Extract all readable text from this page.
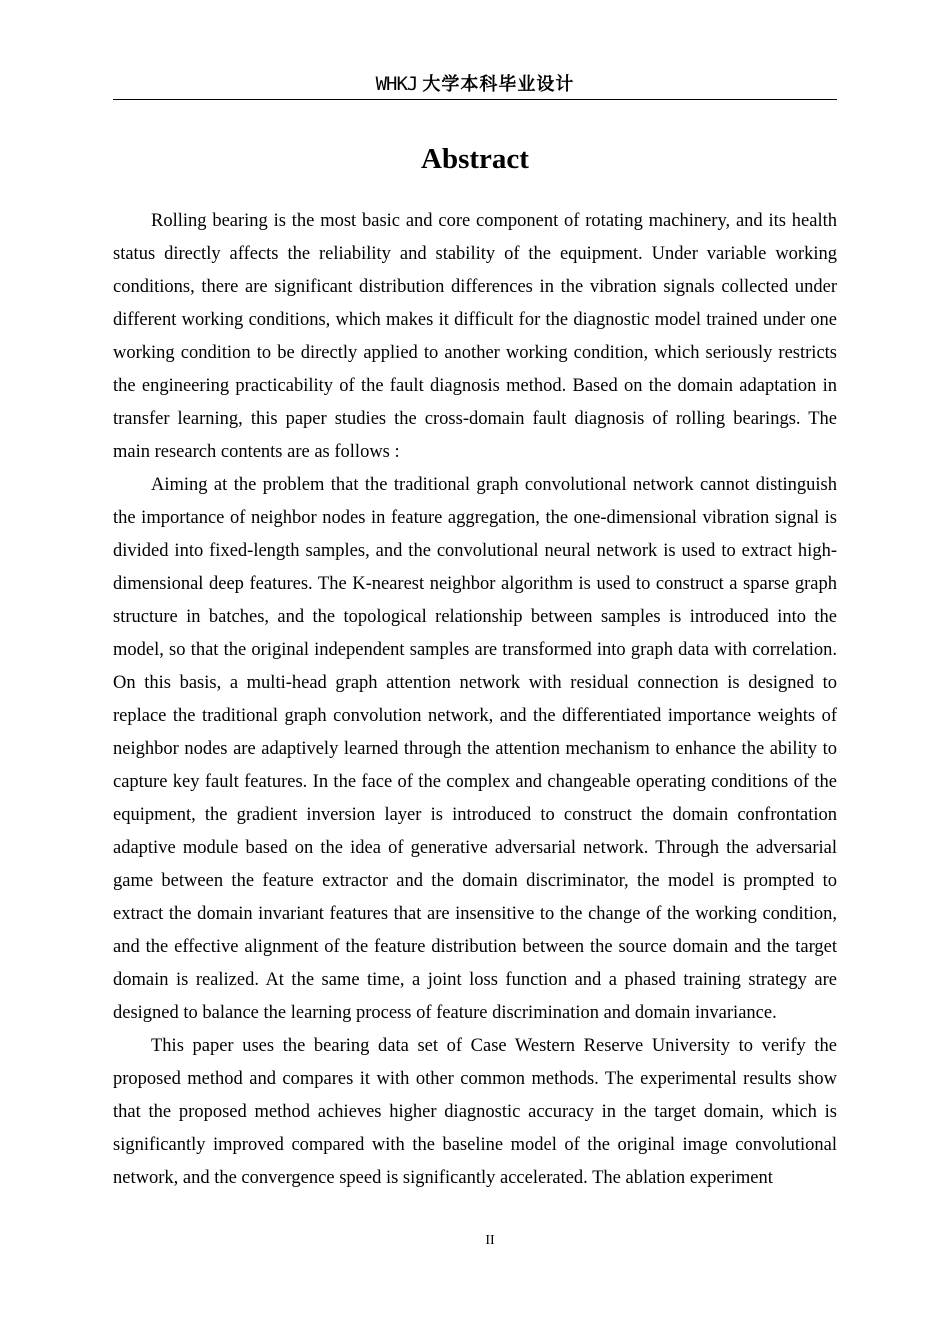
WHKJ 大学本科毕业设计
Abstract

Rolling bearing is the most basic and core component of rotating machinery, and its health status directly affects the reliability and stability of the equipment. Under variable working conditions, there are significant distribution differences in the vibration signals collected under different working conditions, which makes it difficult for the diagnostic model trained under one working condition to be directly applied to another working condition, which seriously restricts the engineering practicability of the fault diagnosis method. Based on the domain adaptation in transfer learning, this paper studies the cross-domain fault diagnosis of rolling bearings. The main research contents are as follows :

Aiming at the problem that the traditional graph convolutional network cannot distinguish the importance of neighbor nodes in feature aggregation, the one-dimensional vibration signal is divided into fixed-length samples, and the convolutional neural network is used to extract high-dimensional deep features. The K-nearest neighbor algorithm is used to construct a sparse graph structure in batches, and the topological relationship between samples is introduced into the model, so that the original independent samples are transformed into graph data with correlation. On this basis, a multi-head graph attention network with residual connection is designed to replace the traditional graph convolution network, and the differentiated importance weights of neighbor nodes are adaptively learned through the attention mechanism to enhance the ability to capture key fault features. In the face of the complex and changeable operating conditions of the equipment, the gradient inversion layer is introduced to construct the domain confrontation adaptive module based on the idea of generative adversarial network. Through the adversarial game between the feature extractor and the domain discriminator, the model is prompted to extract the domain invariant features that are insensitive to the change of the working condition, and the effective alignment of the feature distribution between the source domain and the target domain is realized. At the same time, a joint loss function and a phased training strategy are designed to balance the learning process of feature discrimination and domain invariance.

This paper uses the bearing data set of Case Western Reserve University to verify the proposed method and compares it with other common methods. The experimental results show that the proposed method achieves higher diagnostic accuracy in the target domain, which is significantly improved compared with the baseline model of the original image convolutional network, and the convergence speed is significantly accelerated. The ablation experiment

II
